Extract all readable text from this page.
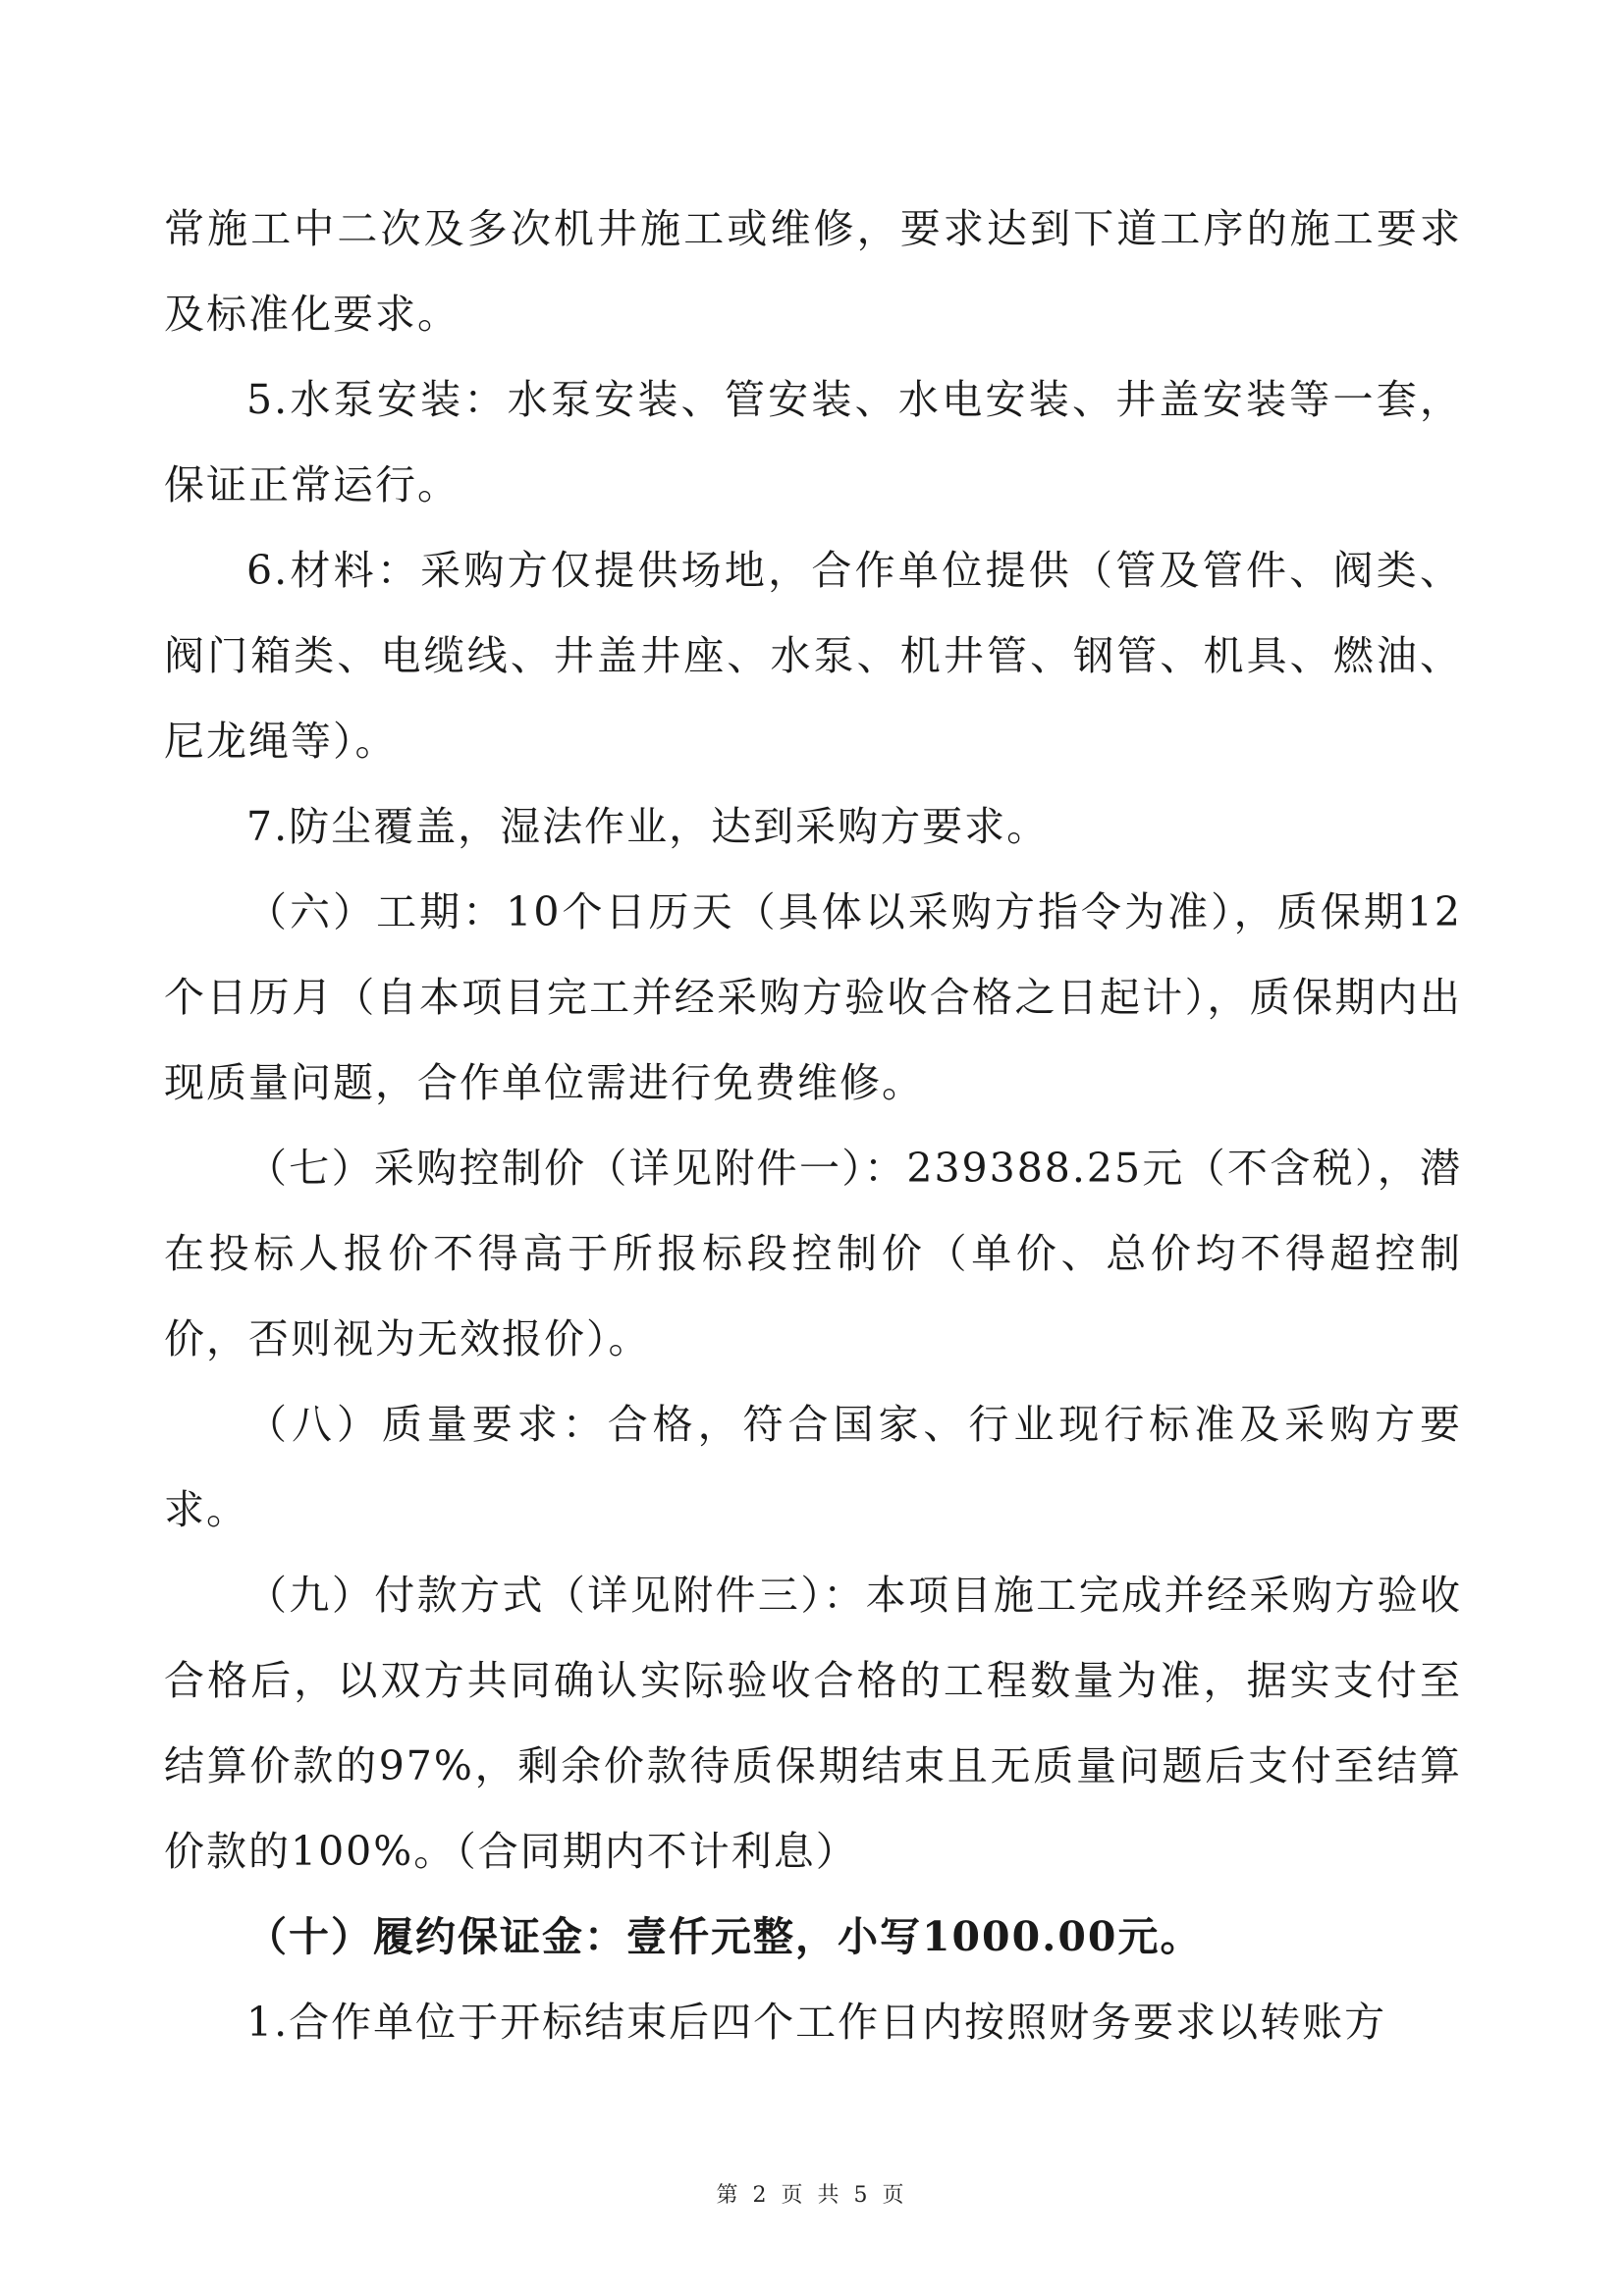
常施工中二次及多次机井施工或维修，要求达到下道工序的施工要求及标准化要求。

5.水泵安装：水泵安装、管安装、水电安装、井盖安装等一套，保证正常运行。

6.材料：采购方仅提供场地，合作单位提供（管及管件、阀类、阀门箱类、电缆线、井盖井座、水泵、机井管、钢管、机具、燃油、尼龙绳等）。

7.防尘覆盖，湿法作业，达到采购方要求。

（六）工期：10个日历天（具体以采购方指令为准），质保期12个日历月（自本项目完工并经采购方验收合格之日起计），质保期内出现质量问题，合作单位需进行免费维修。

（七）采购控制价（详见附件一）：239388.25元（不含税），潜在投标人报价不得高于所报标段控制价（单价、总价均不得超控制价，否则视为无效报价）。

（八）质量要求：合格，符合国家、行业现行标准及采购方要求。

（九）付款方式（详见附件三）：本项目施工完成并经采购方验收合格后，以双方共同确认实际验收合格的工程数量为准，据实支付至结算价款的97%，剩余价款待质保期结束且无质量问题后支付至结算价款的100%。（合同期内不计利息）

（十）履约保证金：壹仟元整，小写1000.00元。

1.合作单位于开标结束后四个工作日内按照财务要求以转账方

第 2 页 共 5 页
